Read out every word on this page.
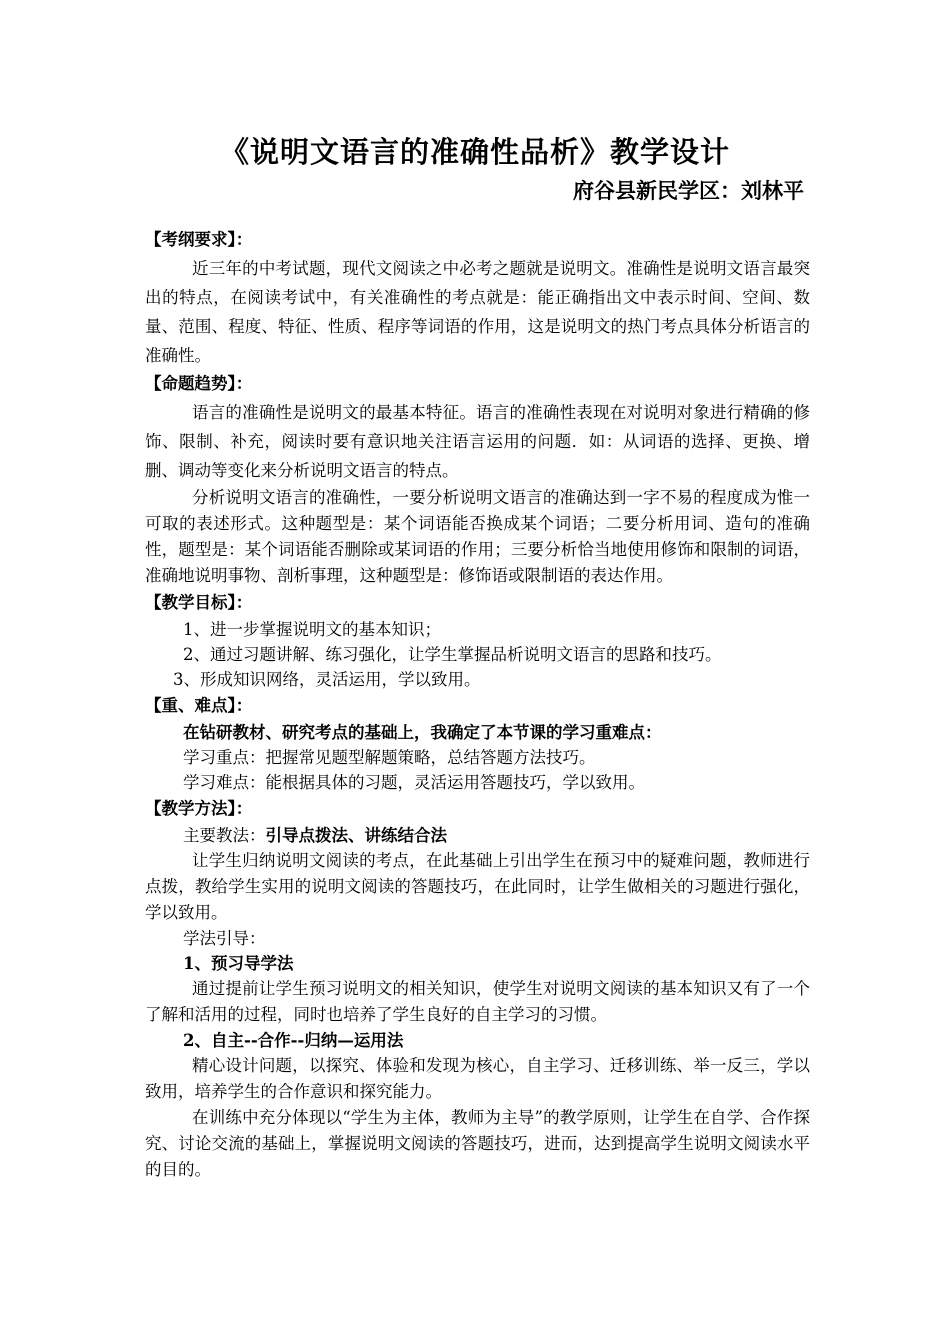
《说明文语言的准确性品析》教学设计
府谷县新民学区：刘林平
【考纲要求】：

近三年的中考试题，现代文阅读之中必考之题就是说明文。准确性是说明文语言最突出的特点，在阅读考试中，有关准确性的考点就是：能正确指出文中表示时间、空间、数量、范围、程度、特征、性质、程序等词语的作用，这是说明文的热门考点具体分析语言的准确性。

【命题趋势】：

语言的准确性是说明文的最基本特征。语言的准确性表现在对说明对象进行精确的修饰、限制、补充，阅读时要有意识地关注语言运用的问题．如：从词语的选择、更换、增删、调动等变化来分析说明文语言的特点。

分析说明文语言的准确性，一要分析说明文语言的准确达到一字不易的程度成为惟一可取的表述形式。这种题型是：某个词语能否换成某个词语；二要分析用词、造句的准确性，题型是：某个词语能否删除或某词语的作用；三要分析恰当地使用修饰和限制的词语，准确地说明事物、剖析事理，这种题型是：修饰语或限制语的表达作用。

【教学目标】：
1、进一步掌握说明文的基本知识；
2、通过习题讲解、练习强化，让学生掌握品析说明文语言的思路和技巧。
3、形成知识网络，灵活运用，学以致用。
【重、难点】：
在钻研教材、研究考点的基础上，我确定了本节课的学习重难点：
学习重点：把握常见题型解题策略，总结答题方法技巧。
学习难点：能根据具体的习题，灵活运用答题技巧，学以致用。
【教学方法】：
主要教法：引导点拨法、讲练结合法

让学生归纳说明文阅读的考点，在此基础上引出学生在预习中的疑难问题，教师进行点拨，教给学生实用的说明文阅读的答题技巧，在此同时，让学生做相关的习题进行强化，学以致用。

学法引导：
1、预习导学法

通过提前让学生预习说明文的相关知识，使学生对说明文阅读的基本知识又有了一个了解和活用的过程，同时也培养了学生良好的自主学习的习惯。

2、自主--合作--归纳—运用法

精心设计问题，以探究、体验和发现为核心，自主学习、迁移训练、举一反三，学以致用，培养学生的合作意识和探究能力。

在训练中充分体现以“学生为主体，教师为主导”的教学原则，让学生在自学、合作探究、讨论交流的基础上，掌握说明文阅读的答题技巧，进而，达到提高学生说明文阅读水平的目的。
